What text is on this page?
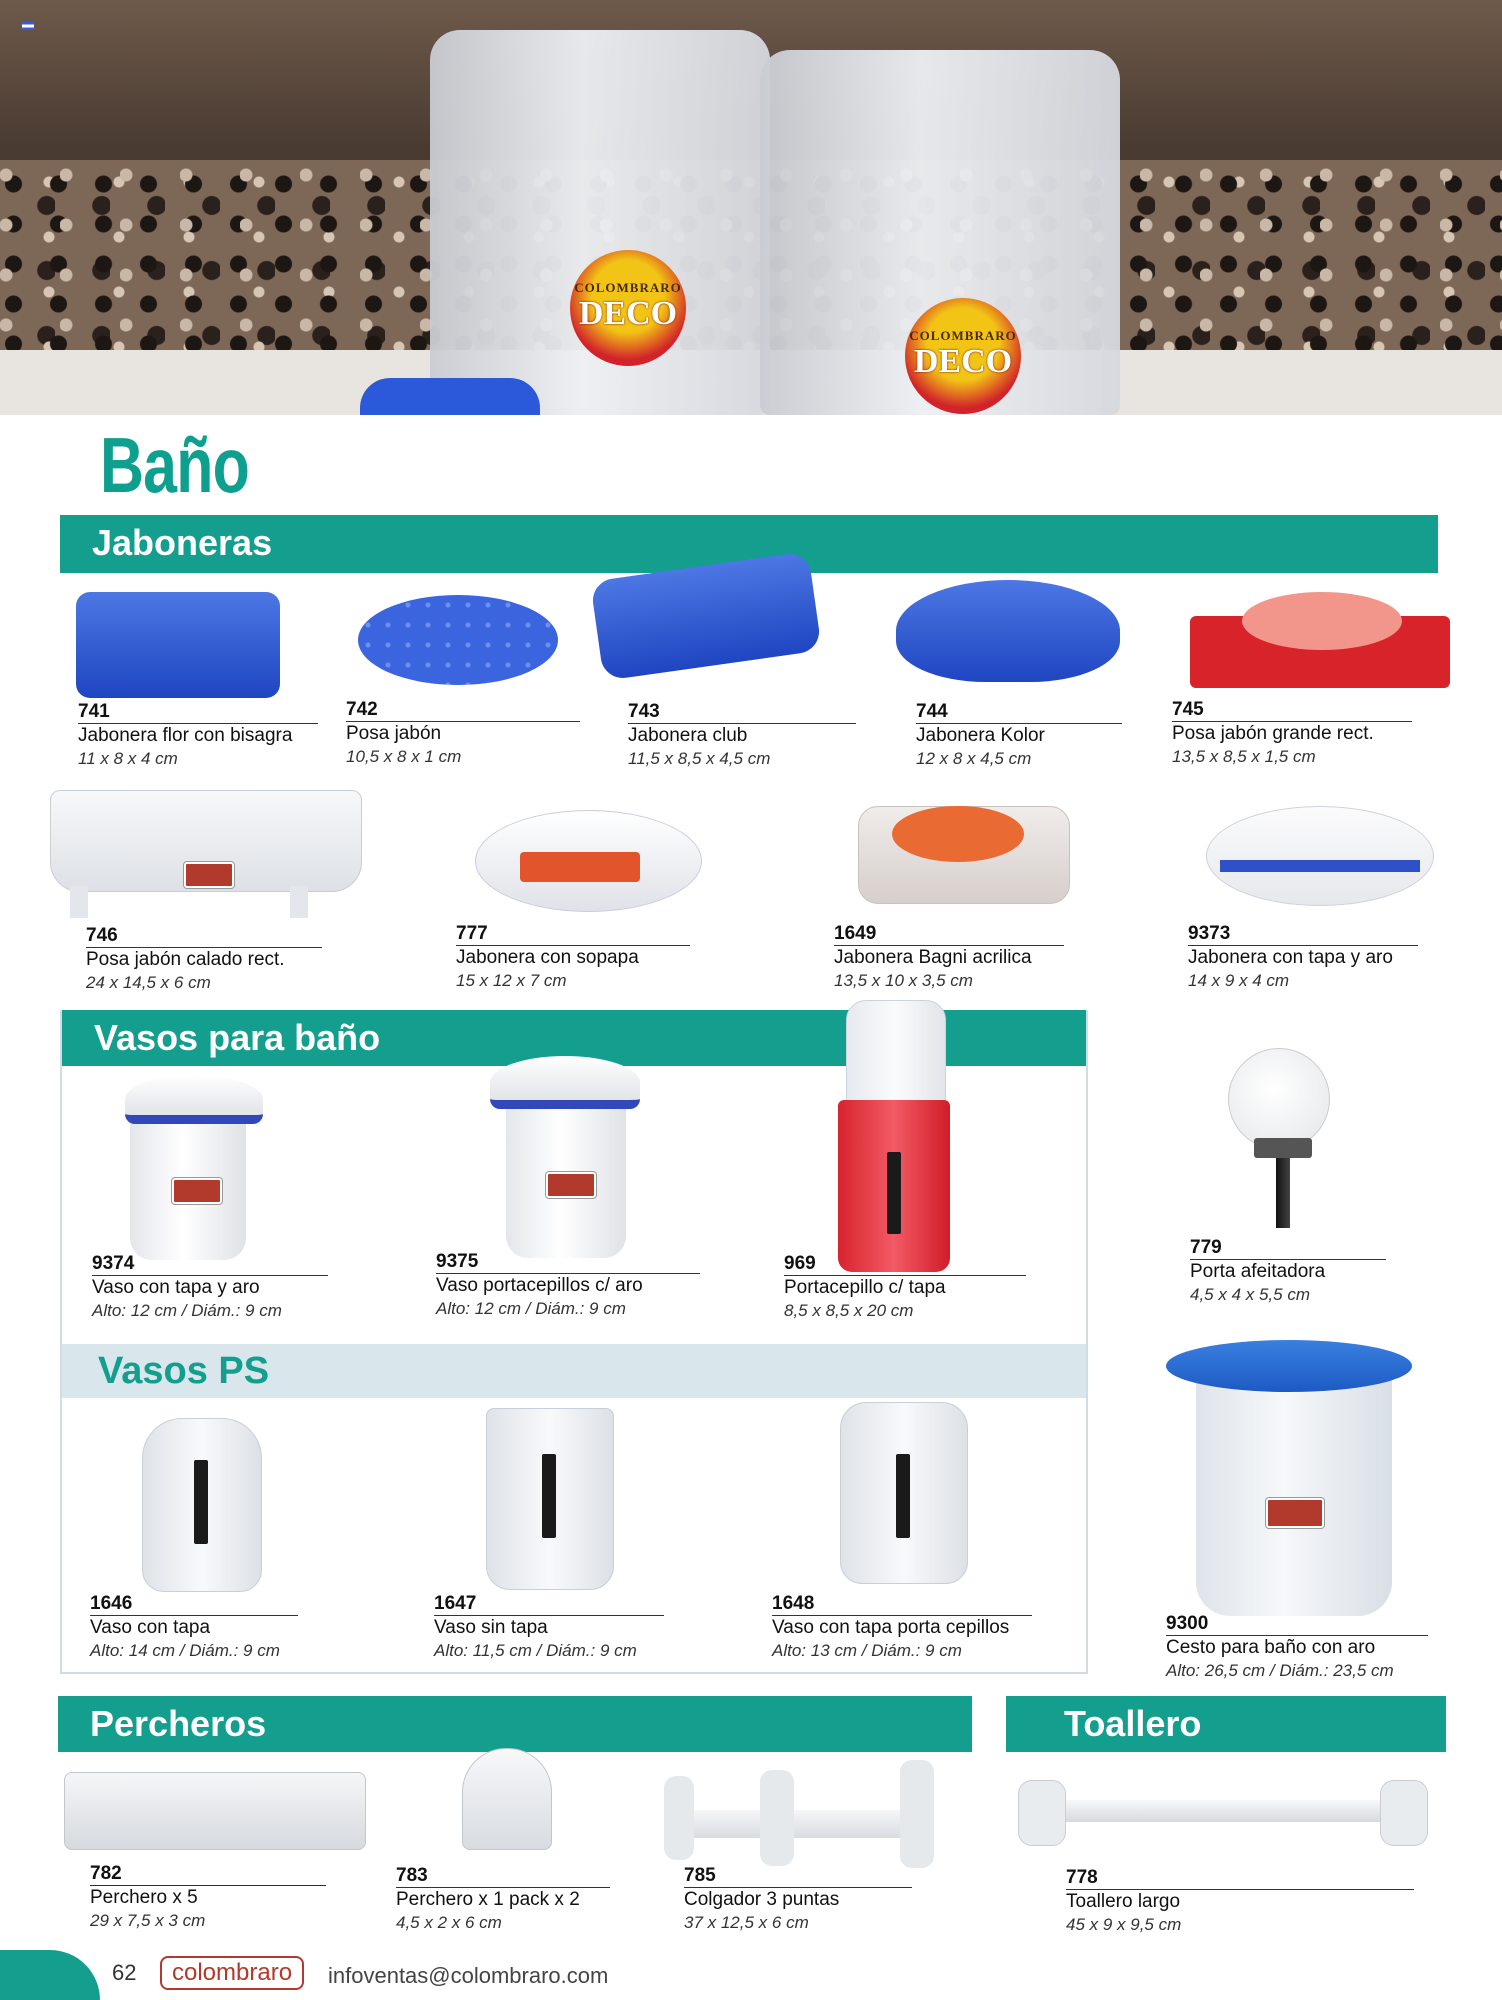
COLOMBRARO
DECO
COLOMBRARO
DECO
Baño
Jaboneras
741
Jabonera flor con bisagra
11 x 8 x 4 cm
742
Posa jabón
10,5 x 8 x 1 cm
743
Jabonera club
11,5 x 8,5 x 4,5 cm
744
Jabonera Kolor
12 x 8 x 4,5 cm
745
Posa jabón grande rect.
13,5 x 8,5 x 1,5 cm
746
Posa jabón calado rect.
24 x 14,5 x 6 cm
777
Jabonera con sopapa
15 x 12 x 7 cm
1649
Jabonera Bagni acrilica
13,5 x 10 x 3,5 cm
9373
Jabonera con tapa y aro
14 x 9 x 4 cm
Vasos para baño
9374
Vaso con tapa y aro
Alto: 12 cm / Diám.: 9 cm
9375
Vaso portacepillos c/ aro
Alto: 12 cm / Diám.: 9 cm
969
Portacepillo c/ tapa
8,5 x 8,5 x 20 cm
779
Porta afeitadora
4,5 x 4 x 5,5 cm
Vasos PS
1646
Vaso con tapa
Alto: 14 cm / Diám.: 9 cm
1647
Vaso sin tapa
Alto: 11,5 cm / Diám.: 9 cm
1648
Vaso con tapa porta cepillos
Alto: 13 cm / Diám.: 9 cm
9300
Cesto para baño con aro
Alto: 26,5 cm / Diám.: 23,5 cm
Percheros	Toallero
782
Perchero x 5
29 x 7,5 x 3 cm
783
Perchero x 1 pack x 2
4,5 x 2 x 6 cm
785
Colgador 3 puntas
37 x 12,5 x 6 cm
778
Toallero largo
45 x 9 x 9,5 cm
62	colombraro	infoventas@colombraro.com
